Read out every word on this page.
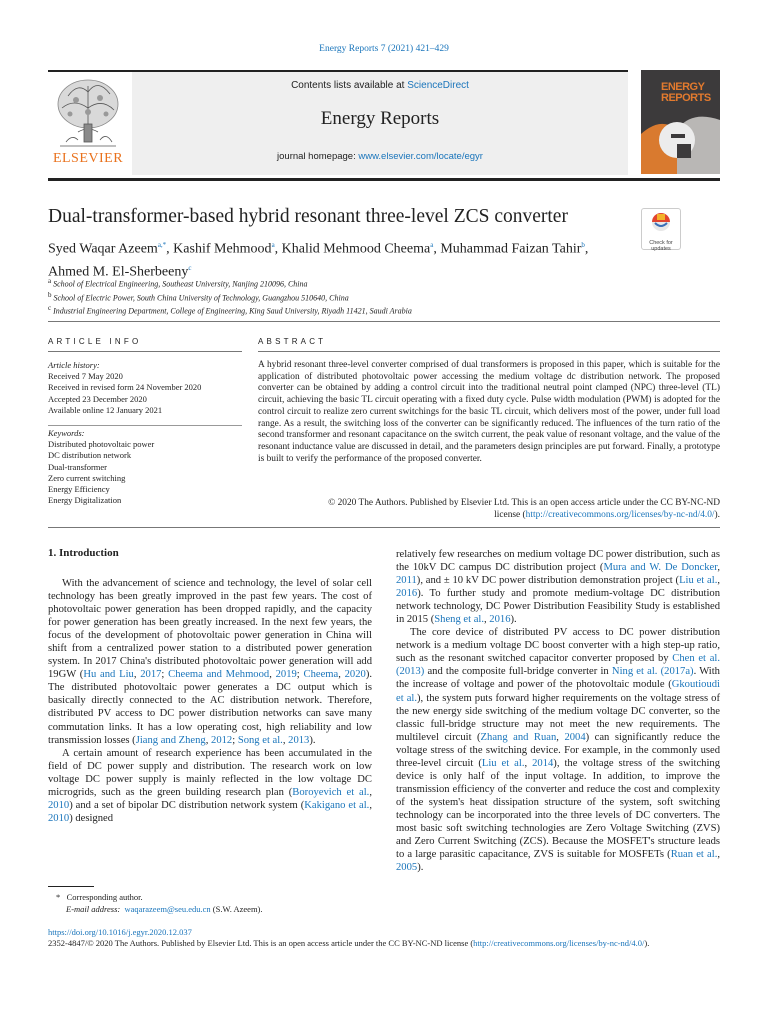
Energy Reports 7 (2021) 421–429
ELSEVIER
Contents lists available at ScienceDirect
Energy Reports
journal homepage: www.elsevier.com/locate/egyr
ENERGY
REPORTS
Dual-transformer-based hybrid resonant three-level ZCS converter
Check for
updates
Syed Waqar Azeem$^{a,*}$, Kashif Mehmood$^a$, Khalid Mehmood Cheema$^a$, Muhammad Faizan Tahir$^b$, Ahmed M. El-Sherbeeny$^c$
a School of Electrical Engineering, Southeast University, Nanjing 210096, China
b School of Electric Power, South China University of Technology, Guangzhou 510640, China
c Industrial Engineering Department, College of Engineering, King Saud University, Riyadh 11421, Saudi Arabia
ARTICLE INFO	ABSTRACT
Article history:
Received 7 May 2020
Received in revised form 24 November 2020
Accepted 23 December 2020
Available online 12 January 2021
Keywords:
Distributed photovoltaic power
DC distribution network
Dual-transformer
Zero current switching
Energy Efficiency
Energy Digitalization
A hybrid resonant three-level converter comprised of dual transformers is proposed in this paper, which is suitable for the application of distributed photovoltaic power accessing the medium voltage dc distribution network. The proposed converter can be obtained by adding a control circuit into the traditional neutral point clamped (NPC) three-level (TL) circuit, achieving the basic TL circuit operating with a fixed duty cycle. Pulse width modulation (PWM) is adopted for the control circuit to realize zero current switchings for the basic TL circuit, which delivers most of the power, under full load range. As a result, the switching loss of the converter can be significantly reduced. The influences of the turn ratio of the second transformer and resonant capacitance on the switch current, the peak value of resonant voltage, and the value of the resonant inductance value are discussed in detail, and the parameters design principles are put forward. Finally, a prototype is built to verify the performance of the proposed converter.
© 2020 The Authors. Published by Elsevier Ltd. This is an open access article under the CC BY-NC-ND
license (http://creativecommons.org/licenses/by-nc-nd/4.0/).
1. Introduction

With the advancement of science and technology, the level of solar cell technology has been greatly improved in the past few years. The cost of photovoltaic power generation has been dropped rapidly, and the capacity for power generation has been greatly increased. In the next few years, the focus of the development of photovoltaic power generation in China will shift from a centralized power station to a distributed power generation system. In 2017 China's distributed photovoltaic power generation will add 19GW (Hu and Liu, 2017; Cheema and Mehmood, 2019; Cheema, 2020). The distributed photovoltaic power generates a DC output which is basically directly connected to the AC distribution network. Therefore, distributed PV access to DC power distribution networks can save many commutation links. It has a low operating cost, high reliability and low transmission losses (Jiang and Zheng, 2012; Song et al., 2013).

A certain amount of research experience has been accumulated in the field of DC power supply and distribution. The research work on low voltage DC power supply is mainly reflected in the low voltage DC microgrids, such as the green building research plan (Boroyevich et al., 2010) and a set of bipolar DC distribution network system (Kakigano et al., 2010) designed

relatively few researches on medium voltage DC power distribution, such as the 10kV DC campus DC distribution project (Mura and W. De Doncker, 2011), and ± 10 kV DC power distribution demonstration project (Liu et al., 2016). To further study and promote medium-voltage DC distribution network technology, DC Power Distribution Feasibility Study is established in 2015 (Sheng et al., 2016).

The core device of distributed PV access to DC power distribution network is a medium voltage DC boost converter with a high step-up ratio, such as the resonant switched capacitor converter proposed by Chen et al. (2013) and the composite full-bridge converter in Ning et al. (2017a). With the increase of voltage and power of the photovoltaic module (Gkoutioudi et al.), the system puts forward higher requirements on the voltage stress of the new energy side switching of the medium voltage DC converter, so the classic full-bridge structure may not meet the new requirements. The multilevel circuit (Zhang and Ruan, 2004) can significantly reduce the voltage stress of the switching device. For example, in the commonly used three-level circuit (Liu et al., 2014), the voltage stress of the switching device is only half of the input voltage. In addition, to improve the transmission efficiency of the converter and reduce the cost and complexity of the system's heat dissipation structure of the system, soft switching technology can be incorporated into the three levels of DC converters. The most basic soft switching technologies are Zero Voltage Switching (ZVS) and Zero Current Switching (ZCS). Because the MOSFET's structure leads to a large parasitic capacitance, ZVS is suitable for MOSFETs (Ruan et al., 2005).

* Corresponding author.
E-mail address: waqarazeem@seu.edu.cn (S.W. Azeem).
https://doi.org/10.1016/j.egyr.2020.12.037
2352-4847/© 2020 The Authors. Published by Elsevier Ltd. This is an open access article under the CC BY-NC-ND license (http://creativecommons.org/licenses/by-nc-nd/4.0/).
